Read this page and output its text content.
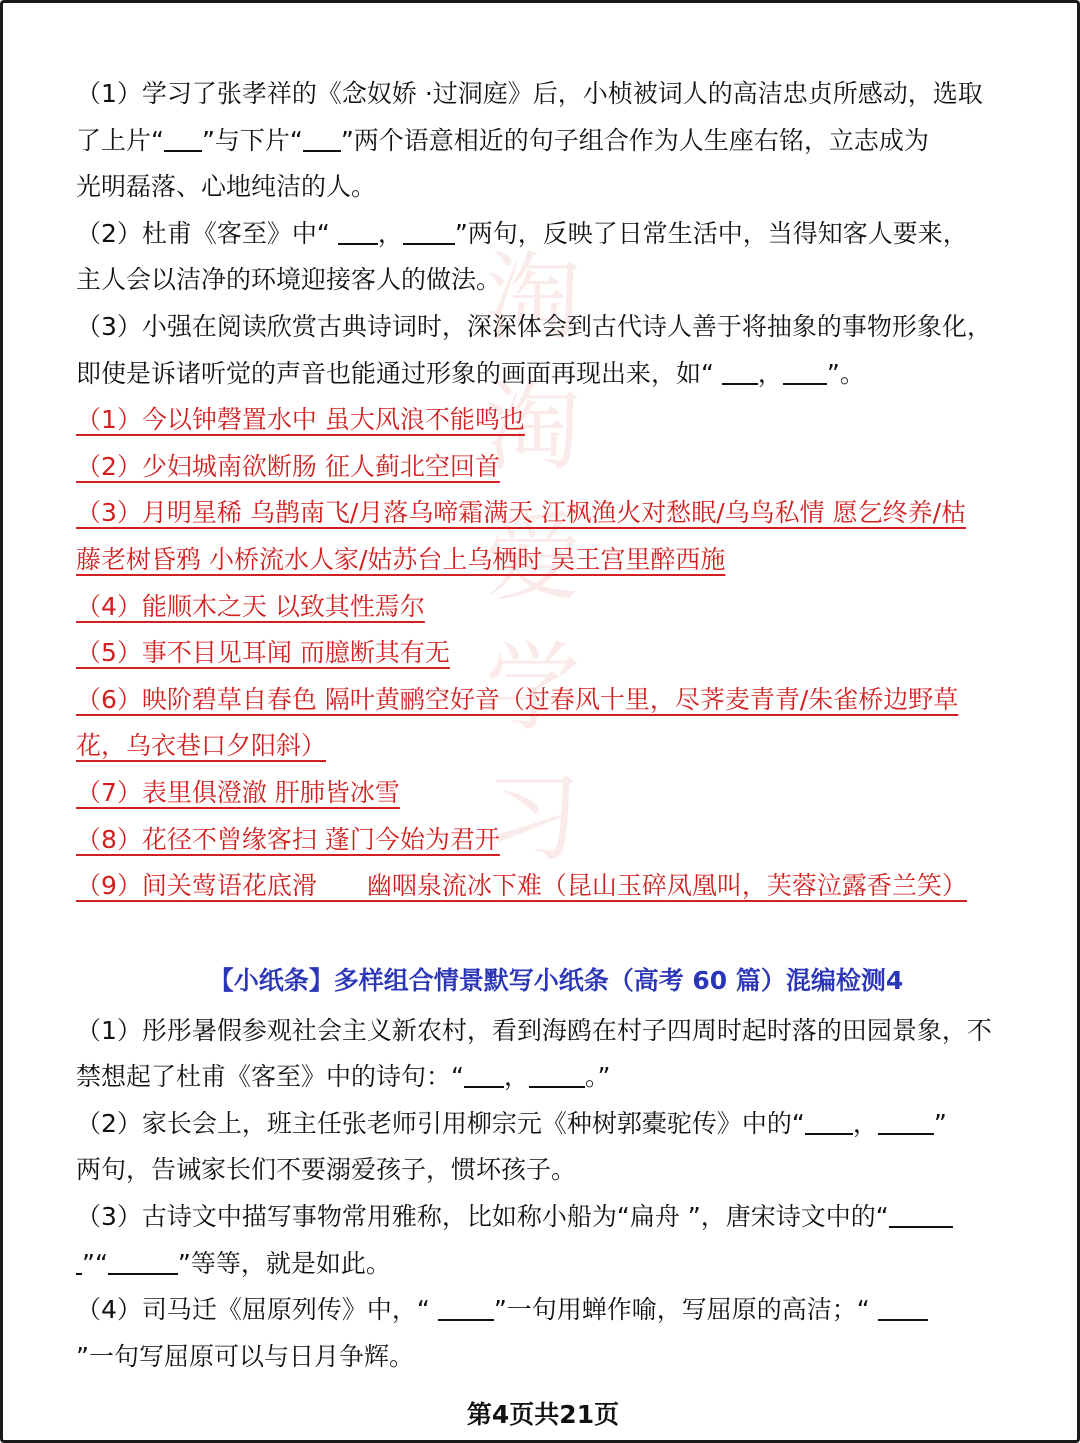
淘
淘
爱
学
习

（1）学习了张孝祥的《念奴娇 ·过洞庭》后，小桢被词人的高洁忠贞所感动，选取
了上片“ ”与下片“ ”两个语意相近的句子组合作为人生座右铭，立志成为
光明磊落、心地纯洁的人。

（2）杜甫《客至》中“ ， ”两句，反映了日常生活中，当得知客人要来，
主人会以洁净的环境迎接客人的做法。

（3）小强在阅读欣赏古典诗词时，深深体会到古代诗人善于将抽象的事物形象化，
即使是诉诸听觉的声音也能通过形象的画面再现出来，如“ ， ”。

（1）今以钟磬置水中 虽大风浪不能鸣也

（2）少妇城南欲断肠 征人蓟北空回首

（3）月明星稀 乌鹊南飞/月落乌啼霜满天 江枫渔火对愁眠/乌鸟私情 愿乞终养/枯
藤老树昏鸦 小桥流水人家/姑苏台上乌栖时 吴王宫里醉西施

（4）能顺木之天 以致其性焉尔

（5）事不目见耳闻 而臆断其有无

（6）映阶碧草自春色 隔叶黄鹂空好音（过春风十里，尽荠麦青青/朱雀桥边野草
花，乌衣巷口夕阳斜）

（7）表里俱澄澈 肝肺皆冰雪

（8）花径不曾缘客扫 蓬门今始为君开

（9）间关莺语花底滑　　幽咽泉流冰下难（昆山玉碎凤凰叫，芙蓉泣露香兰笑）

【小纸条】多样组合情景默写小纸条（高考 60 篇）混编检测4

（1）彤彤暑假参观社会主义新农村，看到海鸥在村子四周时起时落的田园景象，不
禁想起了杜甫《客至》中的诗句：“ ， 。”

（2）家长会上，班主任张老师引用柳宗元《种树郭橐驼传》中的“ ， ”
两句，告诫家长们不要溺爱孩子，惯坏孩子。

（3）古诗文中描写事物常用雅称，比如称小船为“扁舟 ”，唐宋诗文中的“
”“	”等等，就是如此。

（4）司马迁《屈原列传》中，“ ”一句用蝉作喻，写屈原的高洁；“
”一句写屈原可以与日月争辉。

第4页共21页
